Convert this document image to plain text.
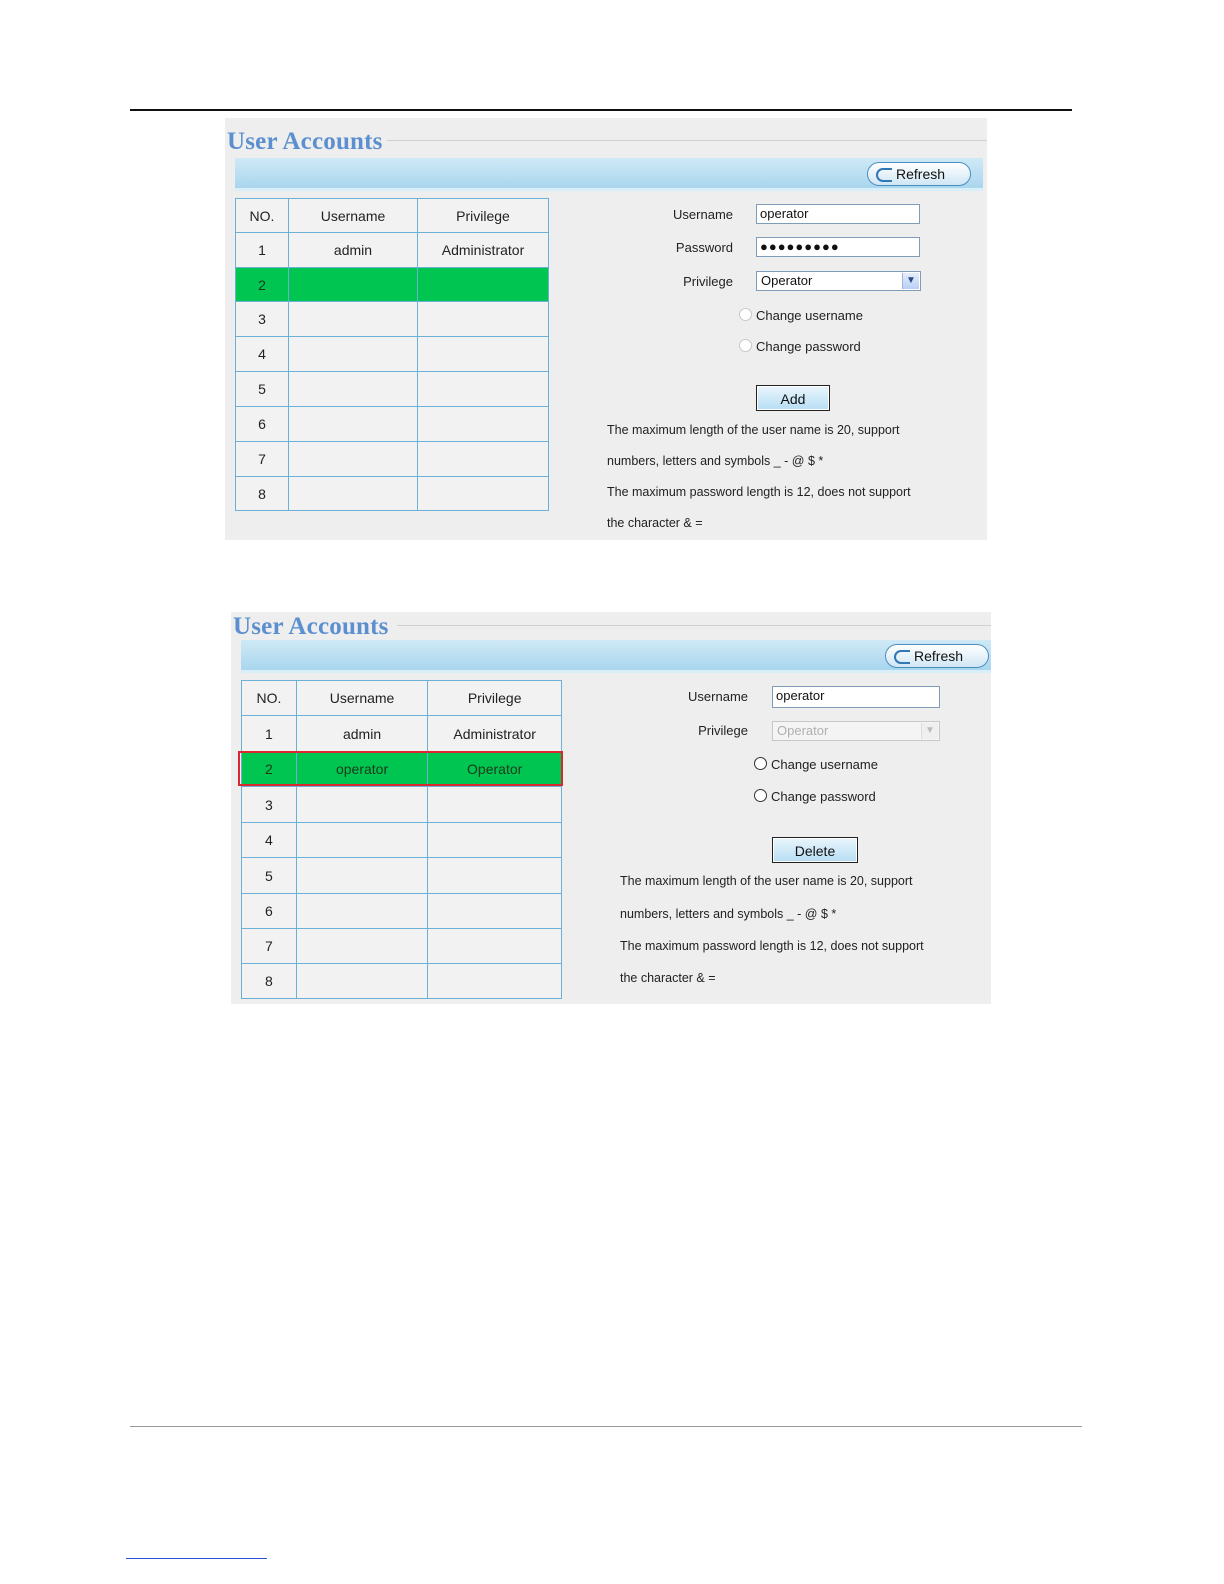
User Accounts
Refresh
NO.	Username	Privilege
1	admin	Administrator
2		
3		
4		
5		
6		
7		
8		
Username	operator
Password	●●●●●●●●●
Privilege	Operator	▼
Change username
Change password
Add
The maximum length of the user name is 20, support
numbers, letters and symbols _ - @ $ *
The maximum password length is 12, does not support
the character & =
User Accounts
Refresh
NO.	Username	Privilege
1	admin	Administrator
2	operator	Operator
3		
4		
5		
6		
7		
8		
Username	operator
Privilege	Operator	▼
Change username
Change password
Delete
The maximum length of the user name is 20, support
numbers, letters and symbols _ - @ $ *
The maximum password length is 12, does not support
the character & =
